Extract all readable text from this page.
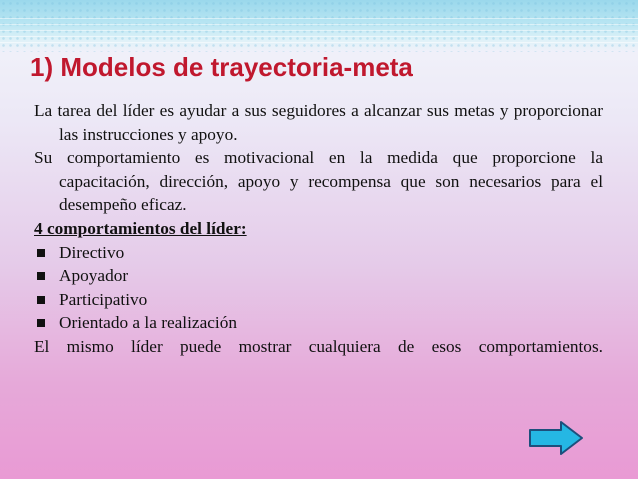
1) Modelos de trayectoria-meta

La tarea del líder es ayudar a sus seguidores a alcanzar sus metas y proporcionar las instrucciones y apoyo.

Su comportamiento es motivacional en la medida que proporcione la capacitación, dirección, apoyo y recompensa que son necesarios para el desempeño eficaz.

4 comportamientos del líder:

Directivo
Apoyador
Participativo
Orientado a la realización

El mismo líder puede mostrar cualquiera de esos comportamientos.
